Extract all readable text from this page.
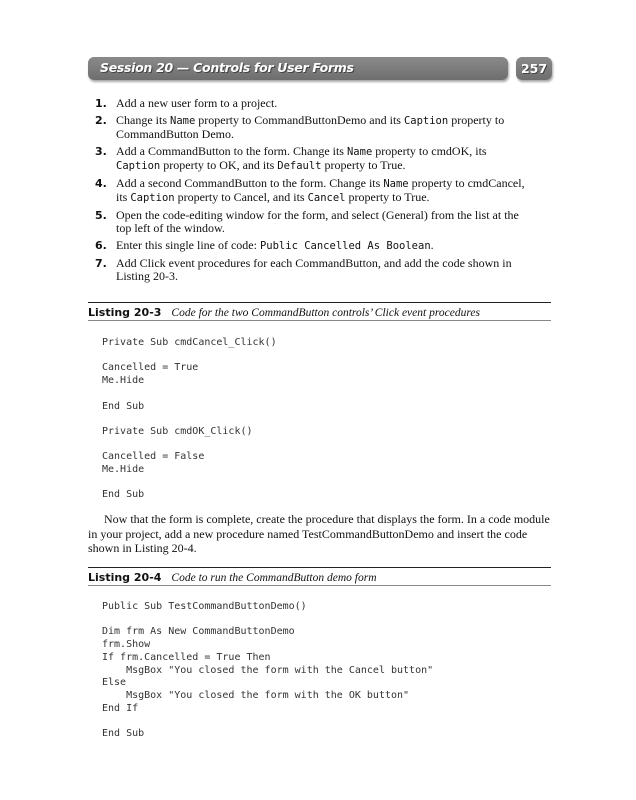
Session 20 — Controls for User Forms	257
1. Add a new user form to a project.
2. Change its Name property to CommandButtonDemo and its Caption property to CommandButton Demo.
3. Add a CommandButton to the form. Change its Name property to cmdOK, its Caption property to OK, and its Default property to True.
4. Add a second CommandButton to the form. Change its Name property to cmdCancel, its Caption property to Cancel, and its Cancel property to True.
5. Open the code-editing window for the form, and select (General) from the list at the top left of the window.
6. Enter this single line of code: Public Cancelled As Boolean.
7. Add Click event procedures for each CommandButton, and add the code shown in Listing 20-3.
Listing 20-3 Code for the two CommandButton controls’ Click event procedures
Private Sub cmdCancel_Click()

Cancelled = True
Me.Hide

End Sub

Private Sub cmdOK_Click()

Cancelled = False
Me.Hide

End Sub

Now that the form is complete, create the procedure that displays the form. In a code module in your project, add a new procedure named TestCommandButtonDemo and insert the code shown in Listing 20-4.

Listing 20-4 Code to run the CommandButton demo form
Public Sub TestCommandButtonDemo()

Dim frm As New CommandButtonDemo
frm.Show
If frm.Cancelled = True Then
MsgBox "You closed the form with the Cancel button"
Else
MsgBox "You closed the form with the OK button"
End If

End Sub
